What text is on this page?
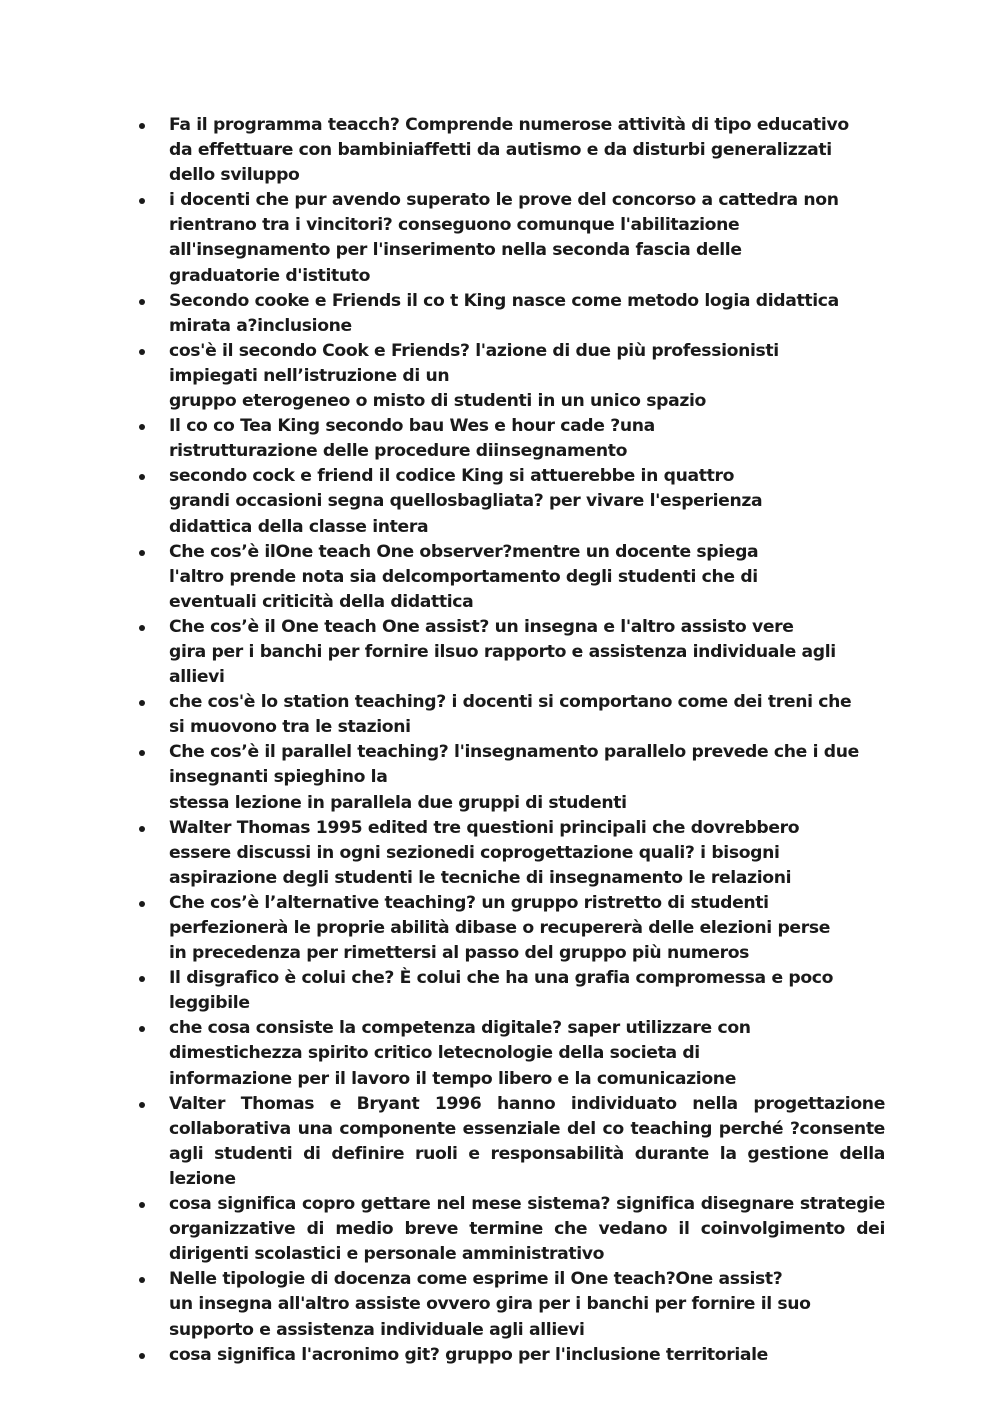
Fa il programma teacch? Comprende numerose attività di tipo educativo
da effettuare con bambiniaffetti da autismo e da disturbi generalizzati
dello sviluppo
i docenti che pur avendo superato le prove del concorso a cattedra non
rientrano tra i vincitori? conseguono comunque l'abilitazione
all'insegnamento per l'inserimento nella seconda fascia delle
graduatorie d'istituto
Secondo cooke e Friends il co t King nasce come metodo logia didattica
mirata a?inclusione
cos'è il secondo Cook e Friends? l'azione di due più professionisti
impiegati nell’istruzione di un
gruppo eterogeneo o misto di studenti in un unico spazio
Il co co Tea King secondo bau Wes e hour cade ?una
ristrutturazione delle procedure diinsegnamento
secondo cock e friend il codice King si attuerebbe in quattro
grandi occasioni segna quellosbagliata? per vivare l'esperienza
didattica della classe intera
Che cos’è ilOne teach One observer?mentre un docente spiega
l'altro prende nota sia delcomportamento degli studenti che di
eventuali criticità della didattica
Che cos’è il One teach One assist? un insegna e l'altro assisto vere
gira per i banchi per fornire ilsuo rapporto e assistenza individuale agli
allievi
che cos'è lo station teaching? i docenti si comportano come dei treni che
si muovono tra le stazioni
Che cos’è il parallel teaching? l'insegnamento parallelo prevede che i due
insegnanti spieghino la
stessa lezione in parallela due gruppi di studenti
Walter Thomas 1995 edited tre questioni principali che dovrebbero
essere discussi in ogni sezionedi coprogettazione quali? i bisogni
aspirazione degli studenti le tecniche di insegnamento le relazioni
Che cos’è l’alternative teaching? un gruppo ristretto di studenti
perfezionerà le proprie abilità dibase o recupererà delle elezioni perse
in precedenza per rimettersi al passo del gruppo più numeros
Il disgrafico è colui che? È colui che ha una grafia compromessa e poco
leggibile
che cosa consiste la competenza digitale? saper utilizzare con
dimestichezza spirito critico letecnologie della societa di
informazione per il lavoro il tempo libero e la comunicazione
Valter Thomas e Bryant 1996 hanno individuato nella progettazione collaborativa una componente essenziale del co teaching perché ?consente agli studenti di definire ruoli e responsabilità durante la gestione della lezione
cosa significa copro gettare nel mese sistema? significa disegnare strategie organizzative di medio breve termine che vedano il coinvolgimento dei dirigenti scolastici e personale amministrativo
Nelle tipologie di docenza come esprime il One teach?One assist?
un insegna all'altro assiste ovvero gira per i banchi per fornire il suo
supporto e assistenza individuale agli allievi
cosa significa l'acronimo git? gruppo per l'inclusione territoriale
